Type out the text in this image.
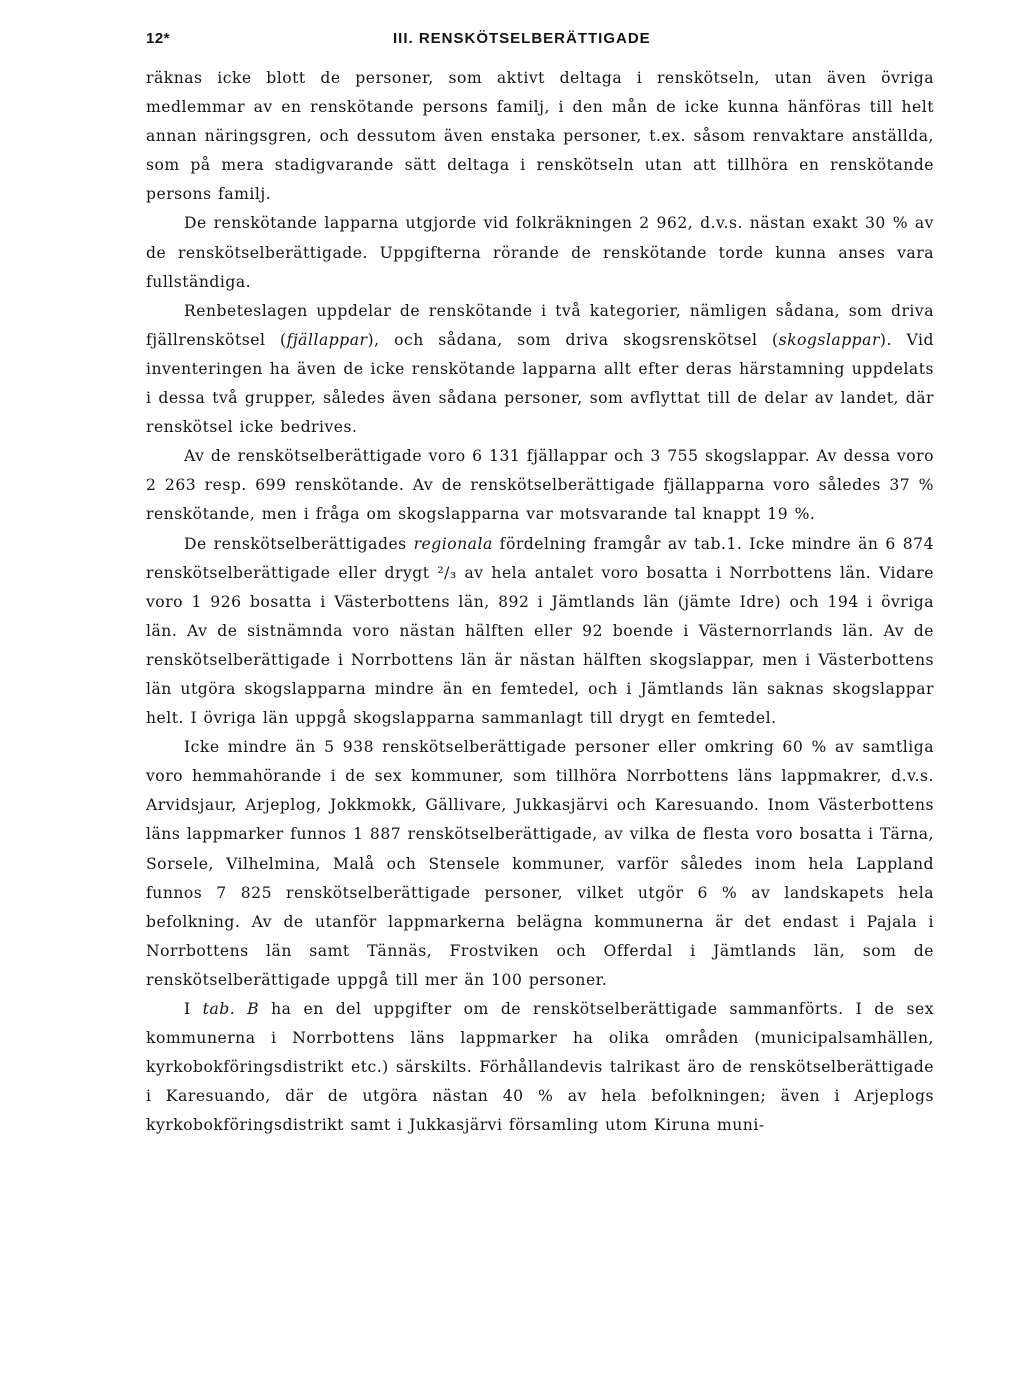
12*	III. RENSKÖTSELBERÄTTIGADE

räknas icke blott de personer, som aktivt deltaga i renskötseln, utan även övriga medlemmar av en renskötande persons familj, i den mån de icke kunna hänföras till helt annan näringsgren, och dessutom även enstaka personer, t.ex. såsom renvaktare anställda, som på mera stadigvarande sätt deltaga i renskötseln utan att tillhöra en renskötande persons familj.

De renskötande lapparna utgjorde vid folkräkningen 2 962, d.v.s. nästan exakt 30 % av de renskötselberättigade. Uppgifterna rörande de renskötande torde kunna anses vara fullständiga.

Renbeteslagen uppdelar de renskötande i två kategorier, nämligen sådana, som driva fjällrenskötsel (fjällappar), och sådana, som driva skogsrenskötsel (skogslappar). Vid inventeringen ha även de icke renskötande lapparna allt efter deras härstamning uppdelats i dessa två grupper, således även sådana personer, som avflyttat till de delar av landet, där renskötsel icke bedrives.

Av de renskötselberättigade voro 6 131 fjällappar och 3 755 skogslappar. Av dessa voro 2 263 resp. 699 renskötande. Av de renskötselberättigade fjällapparna voro således 37 % renskötande, men i fråga om skogslapparna var motsvarande tal knappt 19 %.

De renskötselberättigades regionala fördelning framgår av tab.1. Icke mindre än 6 874 renskötselberättigade eller drygt ²/₃ av hela antalet voro bosatta i Norrbottens län. Vidare voro 1 926 bosatta i Västerbottens län, 892 i Jämtlands län (jämte Idre) och 194 i övriga län. Av de sistnämnda voro nästan hälften eller 92 boende i Västernorrlands län. Av de renskötselberättigade i Norrbottens län är nästan hälften skogslappar, men i Västerbottens län utgöra skogslapparna mindre än en femtedel, och i Jämtlands län saknas skogslappar helt. I övriga län uppgå skogslapparna sammanlagt till drygt en femtedel.

Icke mindre än 5 938 renskötselberättigade personer eller omkring 60 % av samtliga voro hemmahörande i de sex kommuner, som tillhöra Norrbottens läns lappmakrer, d.v.s. Arvidsjaur, Arjeplog, Jokkmokk, Gällivare, Jukkasjärvi och Karesuando. Inom Västerbottens läns lappmarker funnos 1 887 renskötselberättigade, av vilka de flesta voro bosatta i Tärna, Sorsele, Vilhelmina, Malå och Stensele kommuner, varför således inom hela Lappland funnos 7 825 renskötselberättigade personer, vilket utgör 6 % av landskapets hela befolkning. Av de utanför lappmarkerna belägna kommunerna är det endast i Pajala i Norrbottens län samt Tännäs, Frostviken och Offerdal i Jämtlands län, som de renskötselberättigade uppgå till mer än 100 personer.

I tab. B ha en del uppgifter om de renskötselberättigade sammanförts. I de sex kommunerna i Norrbottens läns lappmarker ha olika områden (municipalsamhällen, kyrkobokföringsdistrikt etc.) särskilts. Förhållandevis talrikast äro de renskötselberättigade i Karesuando, där de utgöra nästan 40 % av hela befolkningen; även i Arjeplogs kyrkobokföringsdistrikt samt i Jukkasjärvi församling utom Kiruna muni-
